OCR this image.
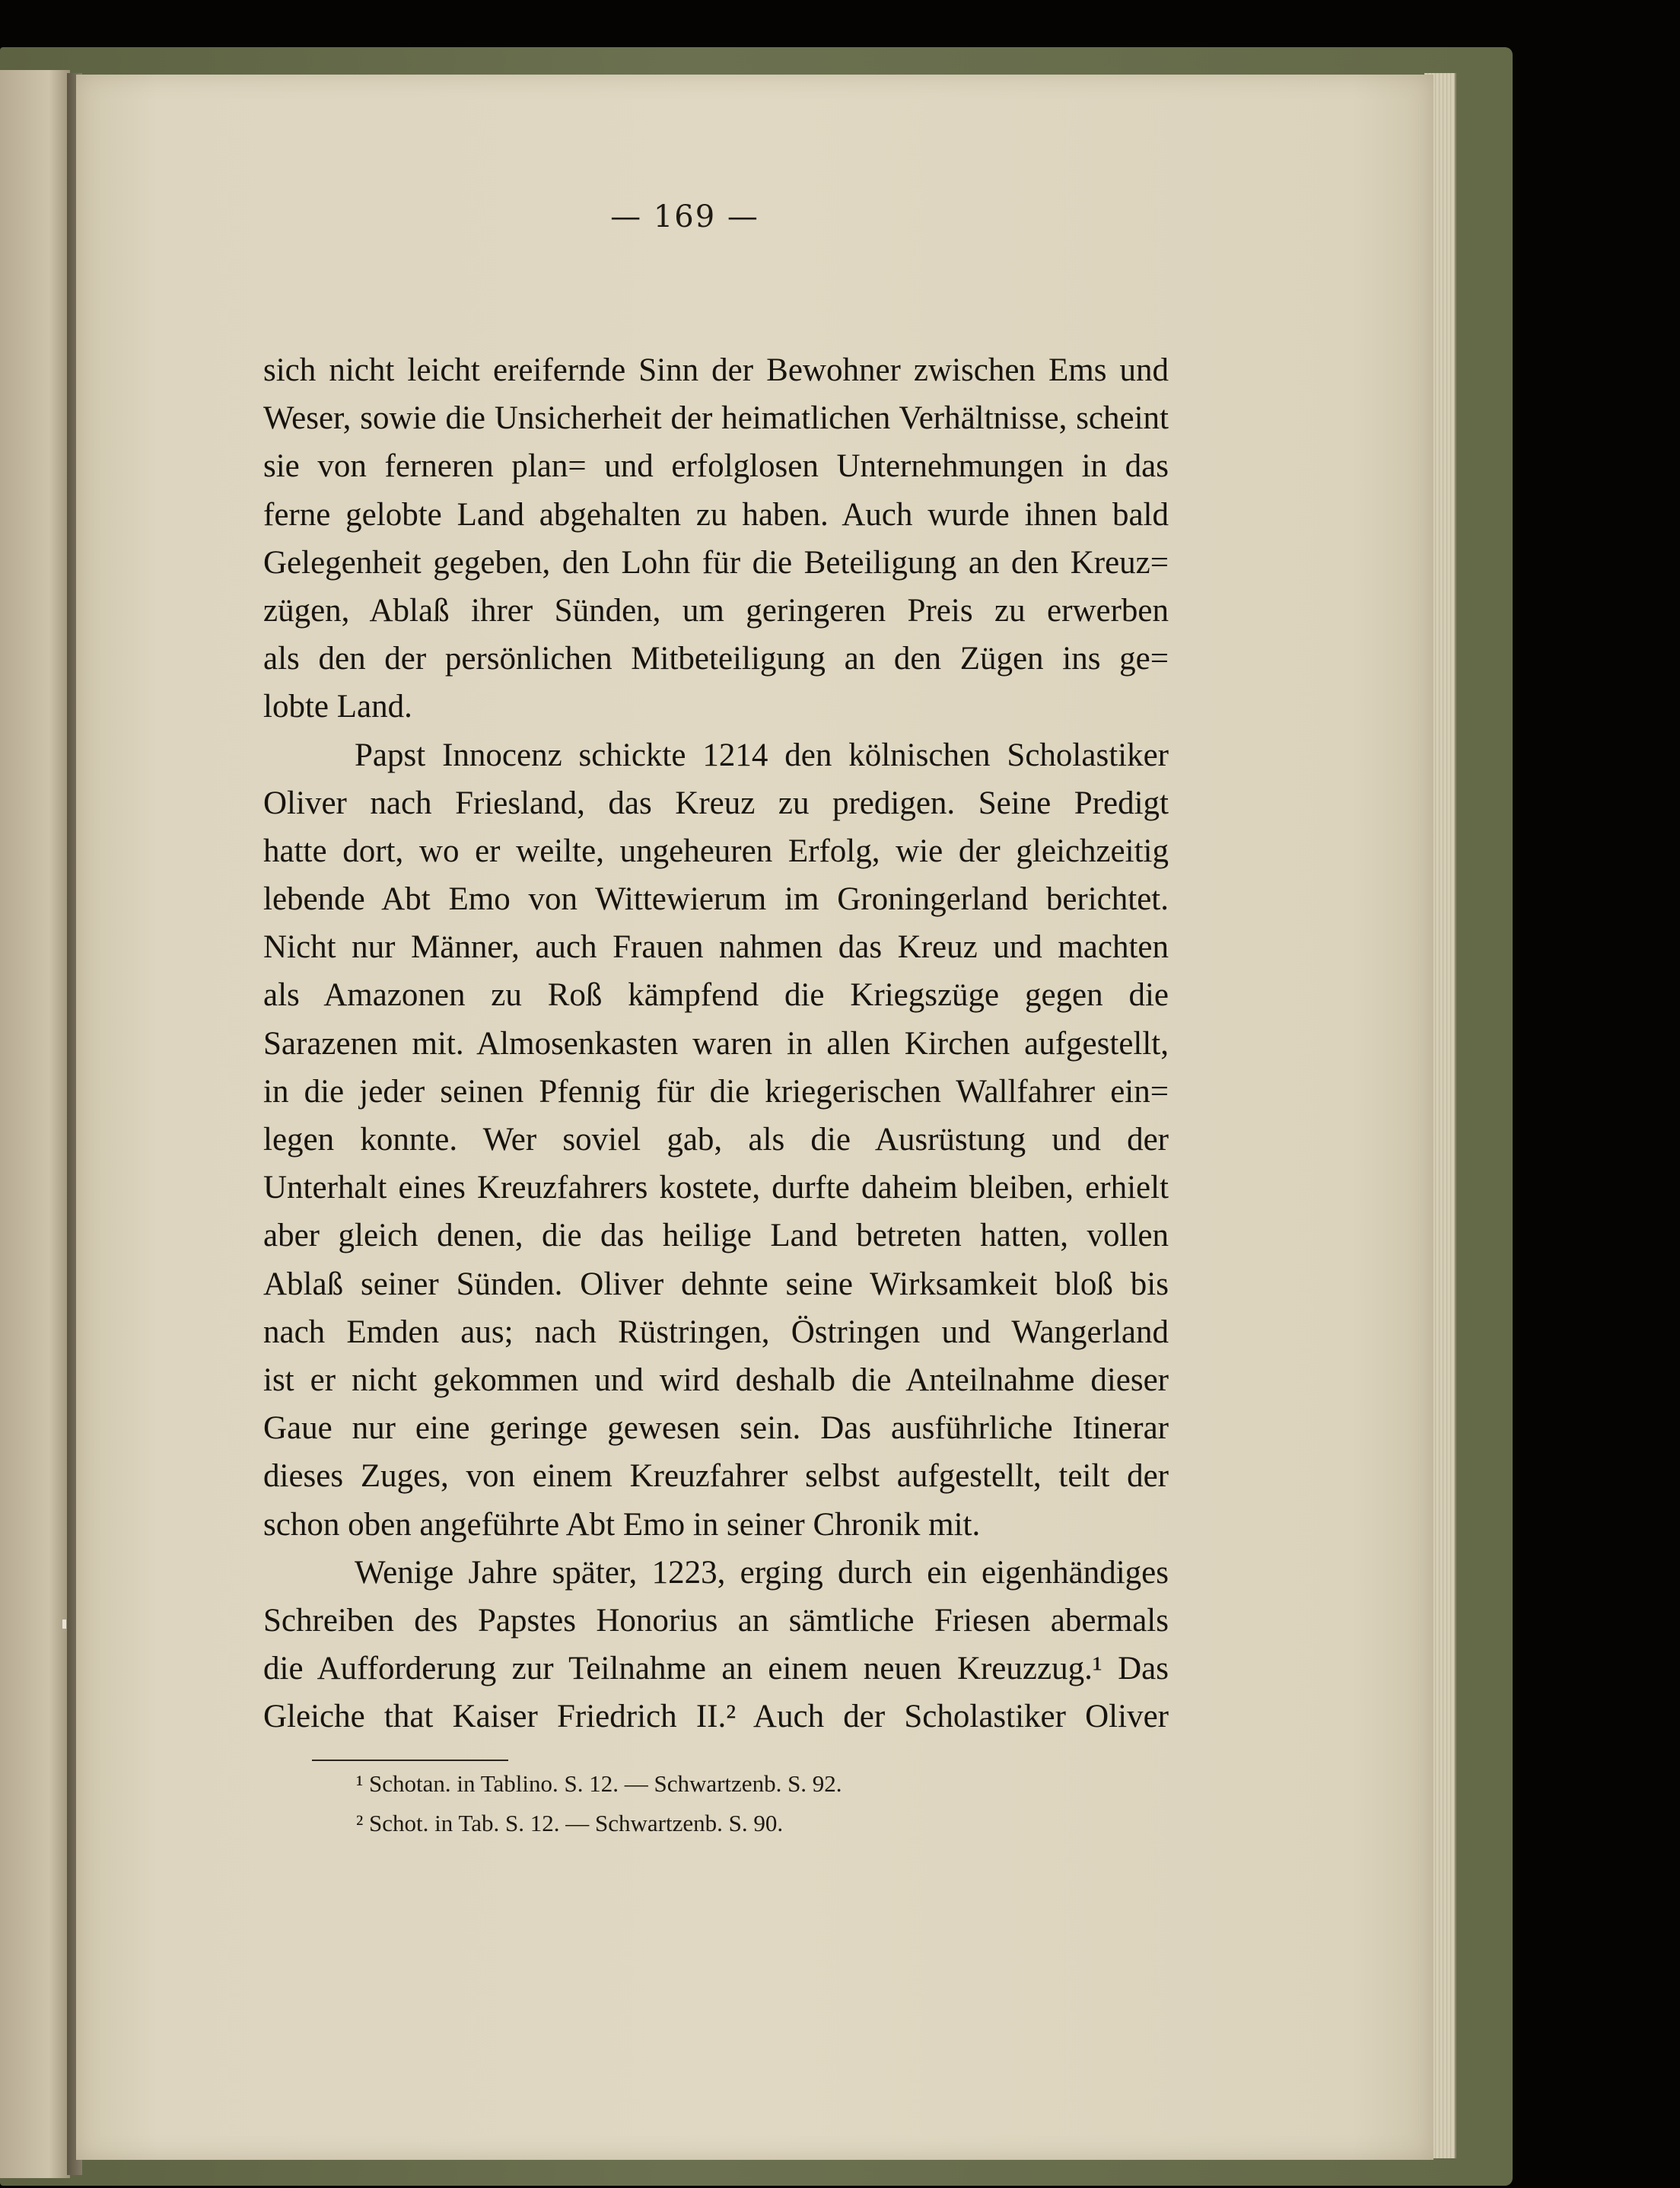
— 169 —
sich nicht leicht ereifernde Sinn der Bewohner zwischen Ems und
Weser, sowie die Unsicherheit der heimatlichen Verhältnisse, scheint
sie von ferneren plan= und erfolglosen Unternehmungen in das
ferne gelobte Land abgehalten zu haben. Auch wurde ihnen bald
Gelegenheit gegeben, den Lohn für die Beteiligung an den Kreuz=
zügen, Ablaß ihrer Sünden, um geringeren Preis zu erwerben
als den der persönlichen Mitbeteiligung an den Zügen ins ge=
lobte Land.
Papst Innocenz schickte 1214 den kölnischen Scholastiker
Oliver nach Friesland, das Kreuz zu predigen. Seine Predigt
hatte dort, wo er weilte, ungeheuren Erfolg, wie der gleichzeitig
lebende Abt Emo von Wittewierum im Groningerland berichtet.
Nicht nur Männer, auch Frauen nahmen das Kreuz und machten
als Amazonen zu Roß kämpfend die Kriegszüge gegen die
Sarazenen mit. Almosenkasten waren in allen Kirchen aufgestellt,
in die jeder seinen Pfennig für die kriegerischen Wallfahrer ein=
legen konnte. Wer soviel gab, als die Ausrüstung und der
Unterhalt eines Kreuzfahrers kostete, durfte daheim bleiben, erhielt
aber gleich denen, die das heilige Land betreten hatten, vollen
Ablaß seiner Sünden. Oliver dehnte seine Wirksamkeit bloß bis
nach Emden aus; nach Rüstringen, Östringen und Wangerland
ist er nicht gekommen und wird deshalb die Anteilnahme dieser
Gaue nur eine geringe gewesen sein. Das ausführliche Itinerar
dieses Zuges, von einem Kreuzfahrer selbst aufgestellt, teilt der
schon oben angeführte Abt Emo in seiner Chronik mit.
Wenige Jahre später, 1223, erging durch ein eigenhändiges
Schreiben des Papstes Honorius an sämtliche Friesen abermals
die Aufforderung zur Teilnahme an einem neuen Kreuzzug.¹ Das
Gleiche that Kaiser Friedrich II.² Auch der Scholastiker Oliver
¹ Schotan. in Tablino. S. 12. — Schwartzenb. S. 92.
² Schot. in Tab. S. 12. — Schwartzenb. S. 90.
